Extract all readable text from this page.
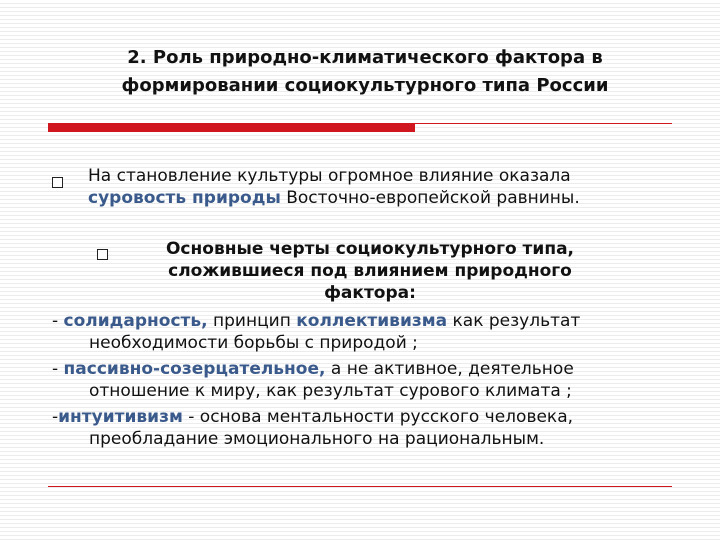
2. Роль природно-климатического фактора в
формировании социокультурного типа России
На становление культуры огромное влияние оказала
суровость природы Восточно-европейской равнины.
Основные черты социокультурного типа,
сложившиеся под влиянием природного
фактора:
- солидарность, принцип коллективизма как результат
необходимости борьбы с природой ;
- пассивно-созерцательное, а не активное, деятельное
отношение к миру, как результат сурового климата ;
-интуитивизм - основа ментальности русского человека,
преобладание эмоционального на рациональным.
